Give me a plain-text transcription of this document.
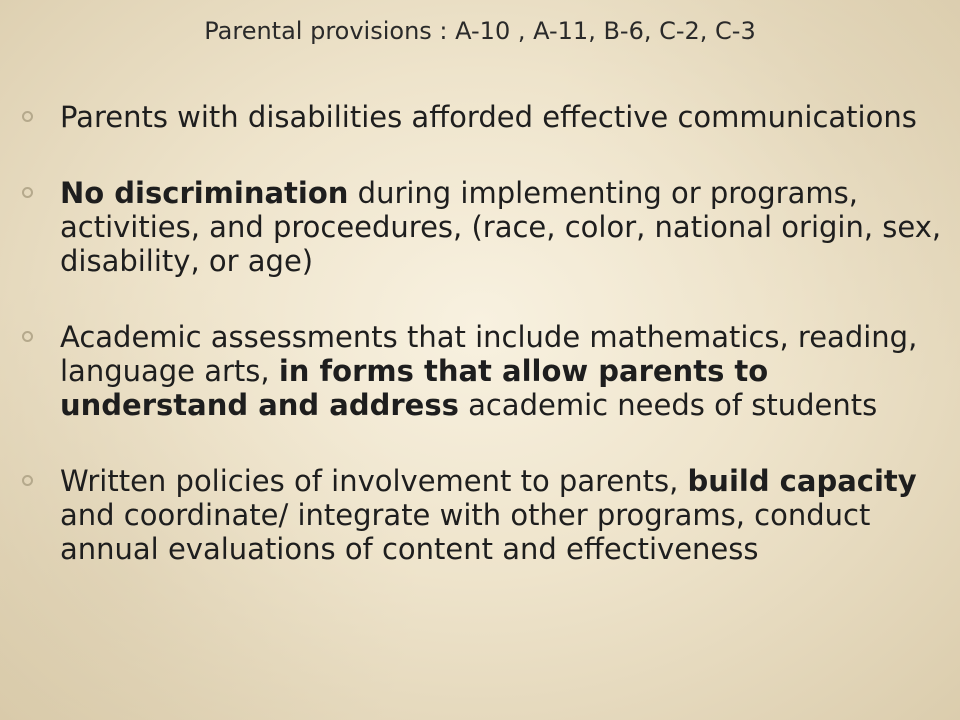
Parental provisions : A-10 , A-11, B-6, C-2, C-3
Parents with disabilities afforded effective communications
No discrimination during implementing or programs, activities, and proceedures, (race, color, national origin, sex, disability, or age)
Academic assessments that include mathematics, reading, language arts, in forms that allow parents to understand and address academic needs of students
Written policies of involvement to parents, build capacity and coordinate/ integrate with other programs, conduct annual evaluations of content and effectiveness
